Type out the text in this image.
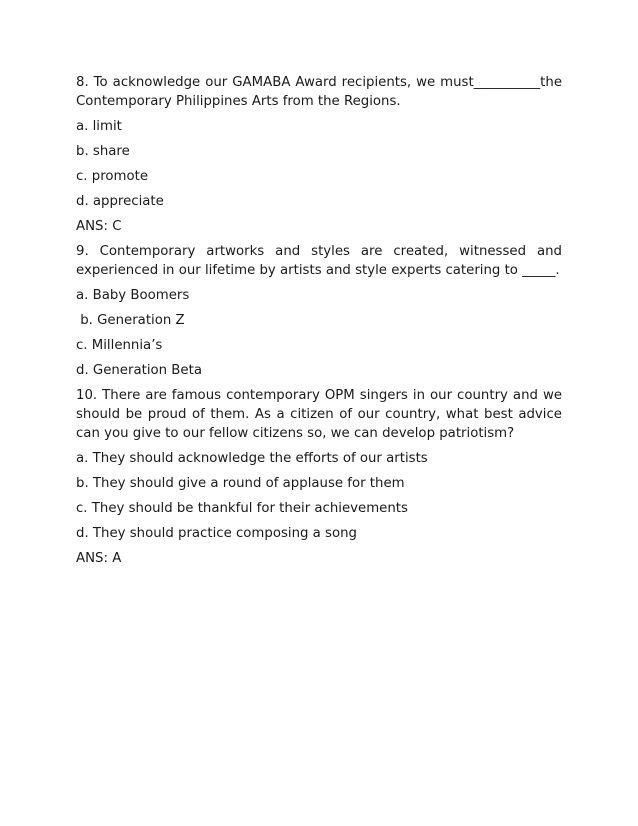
8. To acknowledge our GAMABA Award recipients, we must__________the Contemporary Philippines Arts from the Regions.

a. limit

b. share

c. promote

d. appreciate

ANS: C

9. Contemporary artworks and styles are created, witnessed and experienced in our lifetime by artists and style experts catering to _____.

a. Baby Boomers

b. Generation Z

c. Millennia’s

d. Generation Beta

10. There are famous contemporary OPM singers in our country and we should be proud of them. As a citizen of our country, what best advice can you give to our fellow citizens so, we can develop patriotism?

a. They should acknowledge the efforts of our artists

b. They should give a round of applause for them

c. They should be thankful for their achievements

d. They should practice composing a song

ANS: A
